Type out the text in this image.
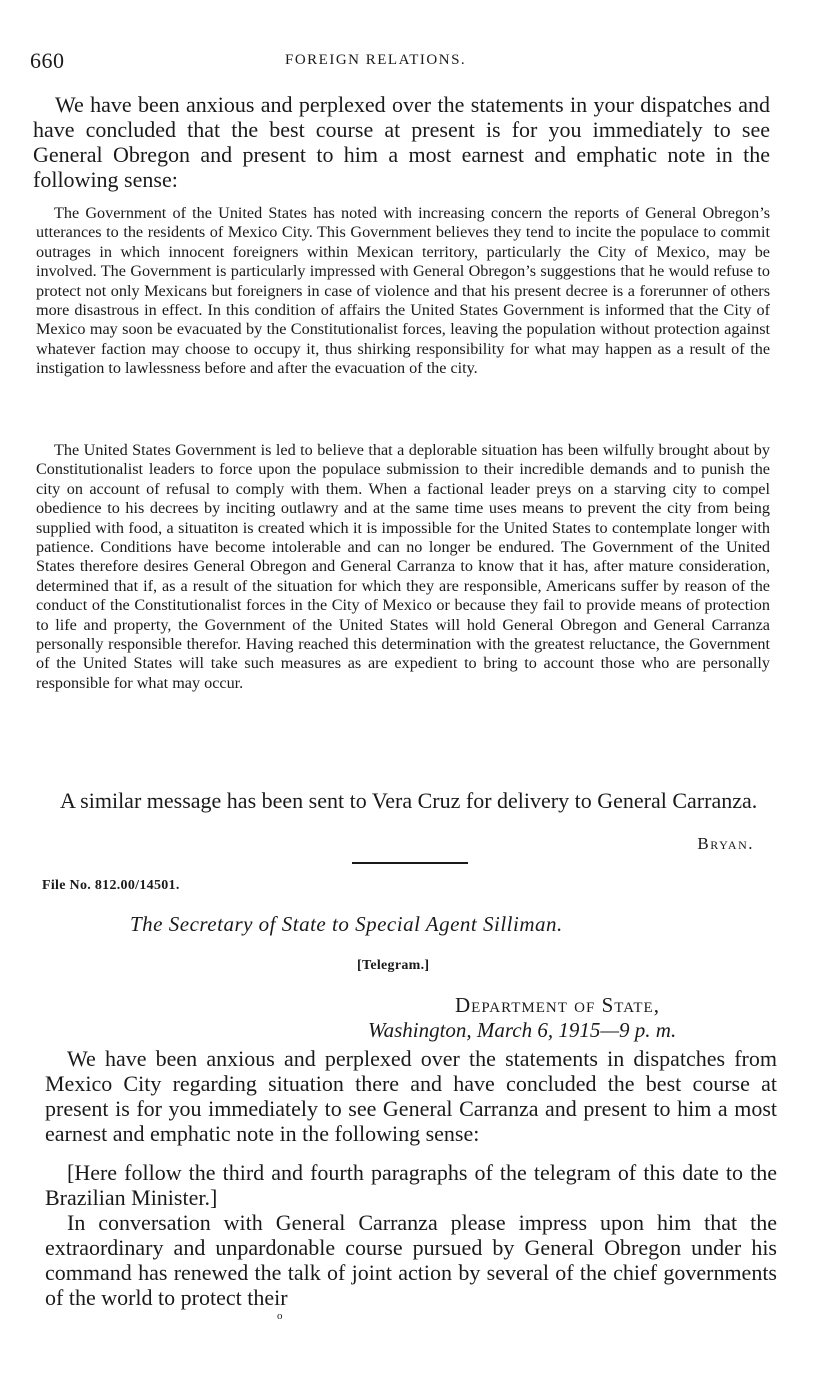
660	FOREIGN RELATIONS.

We have been anxious and perplexed over the statements in your dispatches and have concluded that the best course at present is for you immediately to see General Obregon and present to him a most earnest and emphatic note in the following sense:

The Government of the United States has noted with increasing concern the reports of General Obregon’s utterances to the residents of Mexico City. This Government believes they tend to incite the populace to commit outrages in which innocent foreigners within Mexican territory, particularly the City of Mexico, may be involved. The Government is particularly impressed with General Obregon’s suggestions that he would refuse to protect not only Mexicans but foreigners in case of violence and that his present decree is a forerunner of others more disastrous in effect. In this condition of affairs the United States Government is informed that the City of Mexico may soon be evacuated by the Constitutionalist forces, leaving the population without protection against whatever faction may choose to occupy it, thus shirking responsibility for what may happen as a result of the instigation to lawlessness before and after the evacuation of the city.

The United States Government is led to believe that a deplorable situation has been wilfully brought about by Constitutionalist leaders to force upon the populace submission to their incredible demands and to punish the city on account of refusal to comply with them. When a factional leader preys on a starving city to compel obedience to his decrees by inciting outlawry and at the same time uses means to prevent the city from being supplied with food, a situatiton is created which it is impossible for the United States to contemplate longer with patience. Conditions have become intolerable and can no longer be endured. The Government of the United States therefore desires General Obregon and General Carranza to know that it has, after mature consideration, determined that if, as a result of the situation for which they are responsible, Americans suffer by reason of the conduct of the Constitutionalist forces in the City of Mexico or because they fail to provide means of protection to life and property, the Government of the United States will hold General Obregon and General Carranza personally responsible therefor. Having reached this determination with the greatest reluctance, the Government of the United States will take such measures as are expedient to bring to account those who are personally responsible for what may occur.

A similar message has been sent to Vera Cruz for delivery to General Carranza.

Bryan.
File No. 812.00/14501.
The Secretary of State to Special Agent Silliman.
[Telegram.]
Department of State,
Washington, March 6, 1915—9 p. m.

We have been anxious and perplexed over the statements in dispatches from Mexico City regarding situation there and have concluded the best course at present is for you immediately to see General Carranza and present to him a most earnest and emphatic note in the following sense:

[Here follow the third and fourth paragraphs of the telegram of this date to the Brazilian Minister.]

In conversation with General Carranza please impress upon him that the extraordinary and unpardonable course pursued by General Obregon under his command has renewed the talk of joint action by several of the chief governments of the world to protect their

o
